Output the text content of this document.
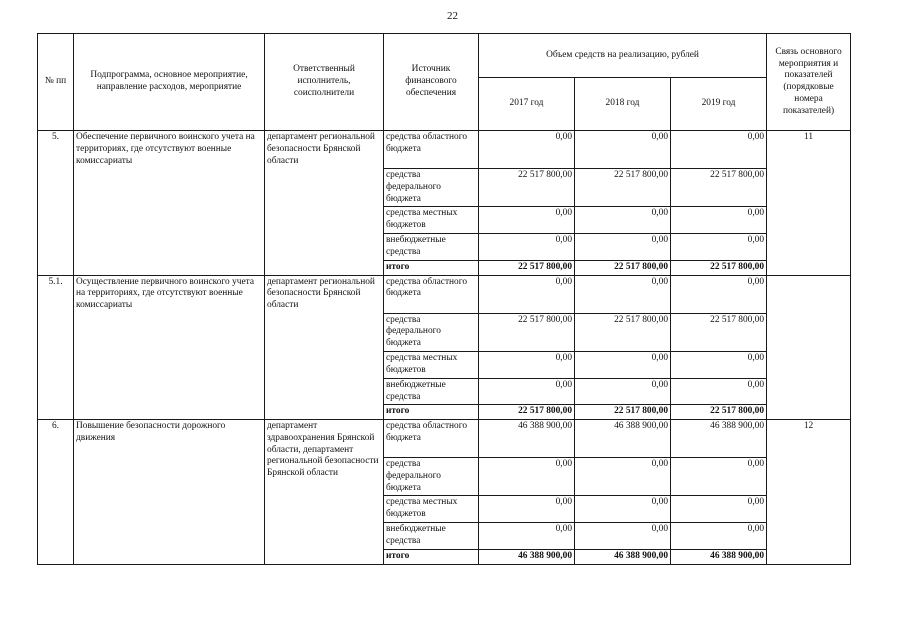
22
№ пп	Подпрограмма, основное мероприятие, направление расходов, мероприятие	Ответственный исполнитель, соисполнители	Источник финансового обеспечения	Объем средств на реализацию, рублей			Связь основного мероприятия и показателей (порядковые номера показателей)
				2017 год	2018 год	2019 год	
5.	Обеспечение первичного воинского учета на территориях, где отсутствуют военные комиссариаты	департамент региональной безопасности Брянской области	средства областного бюджета	0,00	0,00	0,00	11
			средства федерального бюджета	22 517 800,00	22 517 800,00	22 517 800,00	
			средства местных бюджетов	0,00	0,00	0,00	
			внебюджетные средства	0,00	0,00	0,00	
			итого	22 517 800,00	22 517 800,00	22 517 800,00	
5.1.	Осуществление первичного воинского учета на территориях, где отсутствуют военные комиссариаты	департамент региональной безопасности Брянской области	средства областного бюджета	0,00	0,00	0,00	
			средства федерального бюджета	22 517 800,00	22 517 800,00	22 517 800,00	
			средства местных бюджетов	0,00	0,00	0,00	
			внебюджетные средства	0,00	0,00	0,00	
			итого	22 517 800,00	22 517 800,00	22 517 800,00	
6.	Повышение безопасности дорожного движения	департамент здравоохранения Брянской области, департамент региональной безопасности Брянской области	средства областного бюджета	46 388 900,00	46 388 900,00	46 388 900,00	12
			средства федерального бюджета	0,00	0,00	0,00	
			средства местных бюджетов	0,00	0,00	0,00	
			внебюджетные средства	0,00	0,00	0,00	
			итого	46 388 900,00	46 388 900,00	46 388 900,00	
